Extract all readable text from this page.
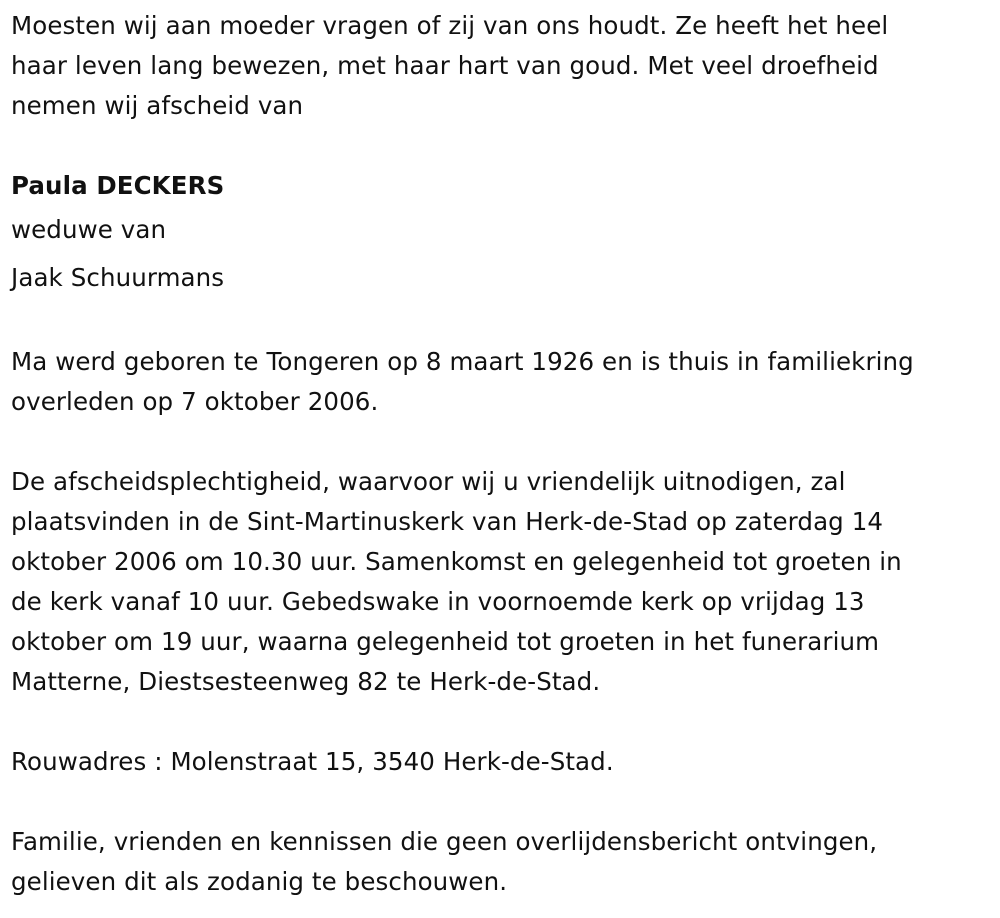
Moesten wij aan moeder vragen of zij van ons houdt. Ze heeft het heel
haar leven lang bewezen, met haar hart van goud. Met veel droefheid
nemen wij afscheid van

Paula DECKERS

weduwe van

Jaak Schuurmans

Ma werd geboren te Tongeren op 8 maart 1926 en is thuis in familiekring
overleden op 7 oktober 2006.

De afscheidsplechtigheid, waarvoor wij u vriendelijk uitnodigen, zal
plaatsvinden in de Sint-Martinuskerk van Herk-de-Stad op zaterdag 14
oktober 2006 om 10.30 uur. Samenkomst en gelegenheid tot groeten in
de kerk vanaf 10 uur. Gebedswake in voornoemde kerk op vrijdag 13
oktober om 19 uur, waarna gelegenheid tot groeten in het funerarium
Matterne, Diestsesteenweg 82 te Herk-de-Stad.

Rouwadres : Molenstraat 15, 3540 Herk-de-Stad.

Familie, vrienden en kennissen die geen overlijdensbericht ontvingen,
gelieven dit als zodanig te beschouwen.
